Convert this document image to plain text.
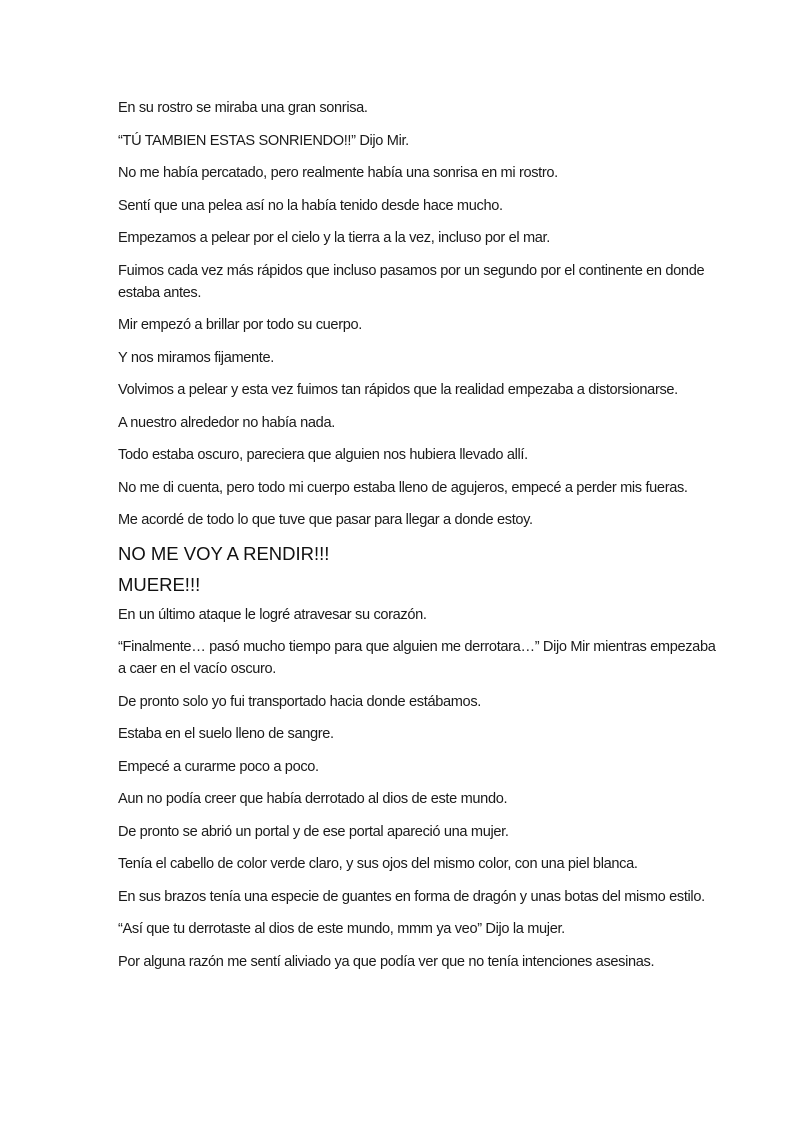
En su rostro se miraba una gran sonrisa.

“TÚ TAMBIEN ESTAS SONRIENDO!!” Dijo Mir.

No me había percatado, pero realmente había una sonrisa en mi rostro.

Sentí que una pelea así no la había tenido desde hace mucho.

Empezamos a pelear por el cielo y la tierra a la vez, incluso por el mar.

Fuimos cada vez más rápidos que incluso pasamos por un segundo por el continente en donde estaba antes.

Mir empezó a brillar por todo su cuerpo.

Y nos miramos fijamente.

Volvimos a pelear y esta vez fuimos tan rápidos que la realidad empezaba a distorsionarse.

A nuestro alrededor no había nada.

Todo estaba oscuro, pareciera que alguien nos hubiera llevado allí.

No me di cuenta, pero todo mi cuerpo estaba lleno de agujeros, empecé a perder mis fueras.

Me acordé de todo lo que tuve que pasar para llegar a donde estoy.

NO ME VOY A RENDIR!!!

MUERE!!!

En un último ataque le logré atravesar su corazón.

“Finalmente… pasó mucho tiempo para que alguien me derrotara…” Dijo Mir mientras empezaba a caer en el vacío oscuro.

De pronto solo yo fui transportado hacia donde estábamos.

Estaba en el suelo lleno de sangre.

Empecé a curarme poco a poco.

Aun no podía creer que había derrotado al dios de este mundo.

De pronto se abrió un portal y de ese portal apareció una mujer.

Tenía el cabello de color verde claro, y sus ojos del mismo color, con una piel blanca.

En sus brazos tenía una especie de guantes en forma de dragón y unas botas del mismo estilo.

“Así que tu derrotaste al dios de este mundo, mmm ya veo” Dijo la mujer.

Por alguna razón me sentí aliviado ya que podía ver que no tenía intenciones asesinas.
